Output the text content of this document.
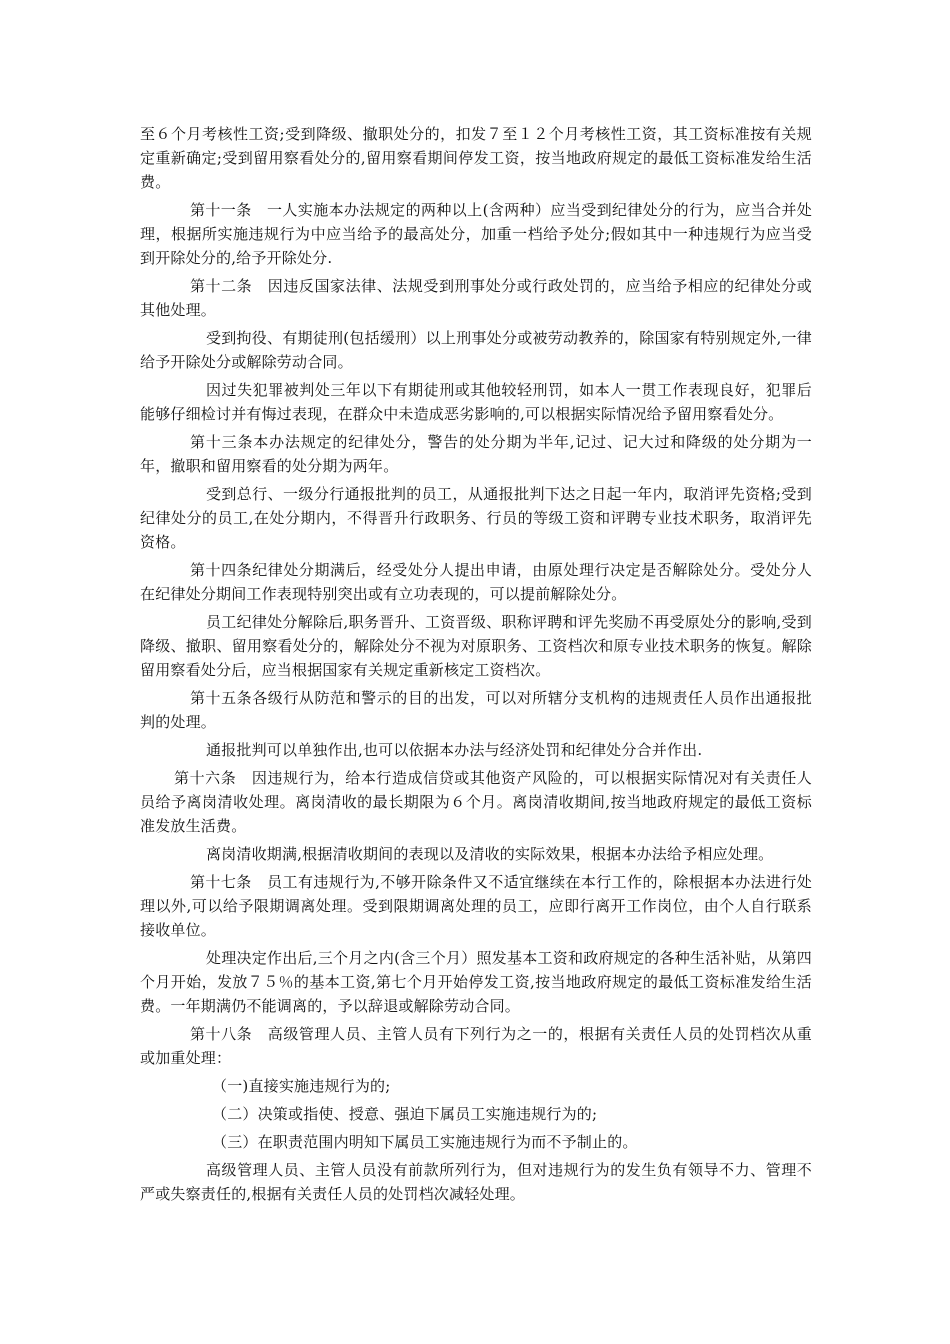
至６个月考核性工资;受到降级、撤职处分的，扣发７至１２个月考核性工资，其工资标准按有关规定重新确定;受到留用察看处分的,留用察看期间停发工资，按当地政府规定的最低工资标准发给生活费。

第十一条　一人实施本办法规定的两种以上(含两种）应当受到纪律处分的行为，应当合并处理，根据所实施违规行为中应当给予的最高处分，加重一档给予处分;假如其中一种违规行为应当受到开除处分的,给予开除处分.

第十二条　因违反国家法律、法规受到刑事处分或行政处罚的，应当给予相应的纪律处分或其他处理。

受到拘役、有期徒刑(包括缓刑）以上刑事处分或被劳动教养的，除国家有特别规定外,一律给予开除处分或解除劳动合同。

因过失犯罪被判处三年以下有期徒刑或其他较轻刑罚，如本人一贯工作表现良好，犯罪后能够仔细检讨并有悔过表现，在群众中未造成恶劣影响的,可以根据实际情况给予留用察看处分。

第十三条本办法规定的纪律处分，警告的处分期为半年,记过、记大过和降级的处分期为一年，撤职和留用察看的处分期为两年。

受到总行、一级分行通报批判的员工，从通报批判下达之日起一年内，取消评先资格;受到纪律处分的员工,在处分期内，不得晋升行政职务、行员的等级工资和评聘专业技术职务，取消评先资格。

第十四条纪律处分期满后，经受处分人提出申请，由原处理行决定是否解除处分。受处分人在纪律处分期间工作表现特别突出或有立功表现的，可以提前解除处分。

员工纪律处分解除后,职务晋升、工资晋级、职称评聘和评先奖励不再受原处分的影响,受到降级、撤职、留用察看处分的，解除处分不视为对原职务、工资档次和原专业技术职务的恢复。解除留用察看处分后，应当根据国家有关规定重新核定工资档次。

第十五条各级行从防范和警示的目的出发，可以对所辖分支机构的违规责任人员作出通报批判的处理。

通报批判可以单独作出,也可以依据本办法与经济处罚和纪律处分合并作出.

第十六条　因违规行为，给本行造成信贷或其他资产风险的，可以根据实际情况对有关责任人员给予离岗清收处理。离岗清收的最长期限为６个月。离岗清收期间,按当地政府规定的最低工资标准发放生活费。

离岗清收期满,根据清收期间的表现以及清收的实际效果，根据本办法给予相应处理。

第十七条　员工有违规行为,不够开除条件又不适宜继续在本行工作的，除根据本办法进行处理以外,可以给予限期调离处理。受到限期调离处理的员工，应即行离开工作岗位，由个人自行联系接收单位。

处理决定作出后,三个月之内(含三个月）照发基本工资和政府规定的各种生活补贴，从第四个月开始，发放７５％的基本工资,第七个月开始停发工资,按当地政府规定的最低工资标准发给生活费。一年期满仍不能调离的，予以辞退或解除劳动合同。

第十八条　高级管理人员、主管人员有下列行为之一的，根据有关责任人员的处罚档次从重或加重处理：

（一)直接实施违规行为的;

（二）决策或指使、授意、强迫下属员工实施违规行为的;

（三）在职责范围内明知下属员工实施违规行为而不予制止的。

高级管理人员、主管人员没有前款所列行为，但对违规行为的发生负有领导不力、管理不严或失察责任的,根据有关责任人员的处罚档次减轻处理。
